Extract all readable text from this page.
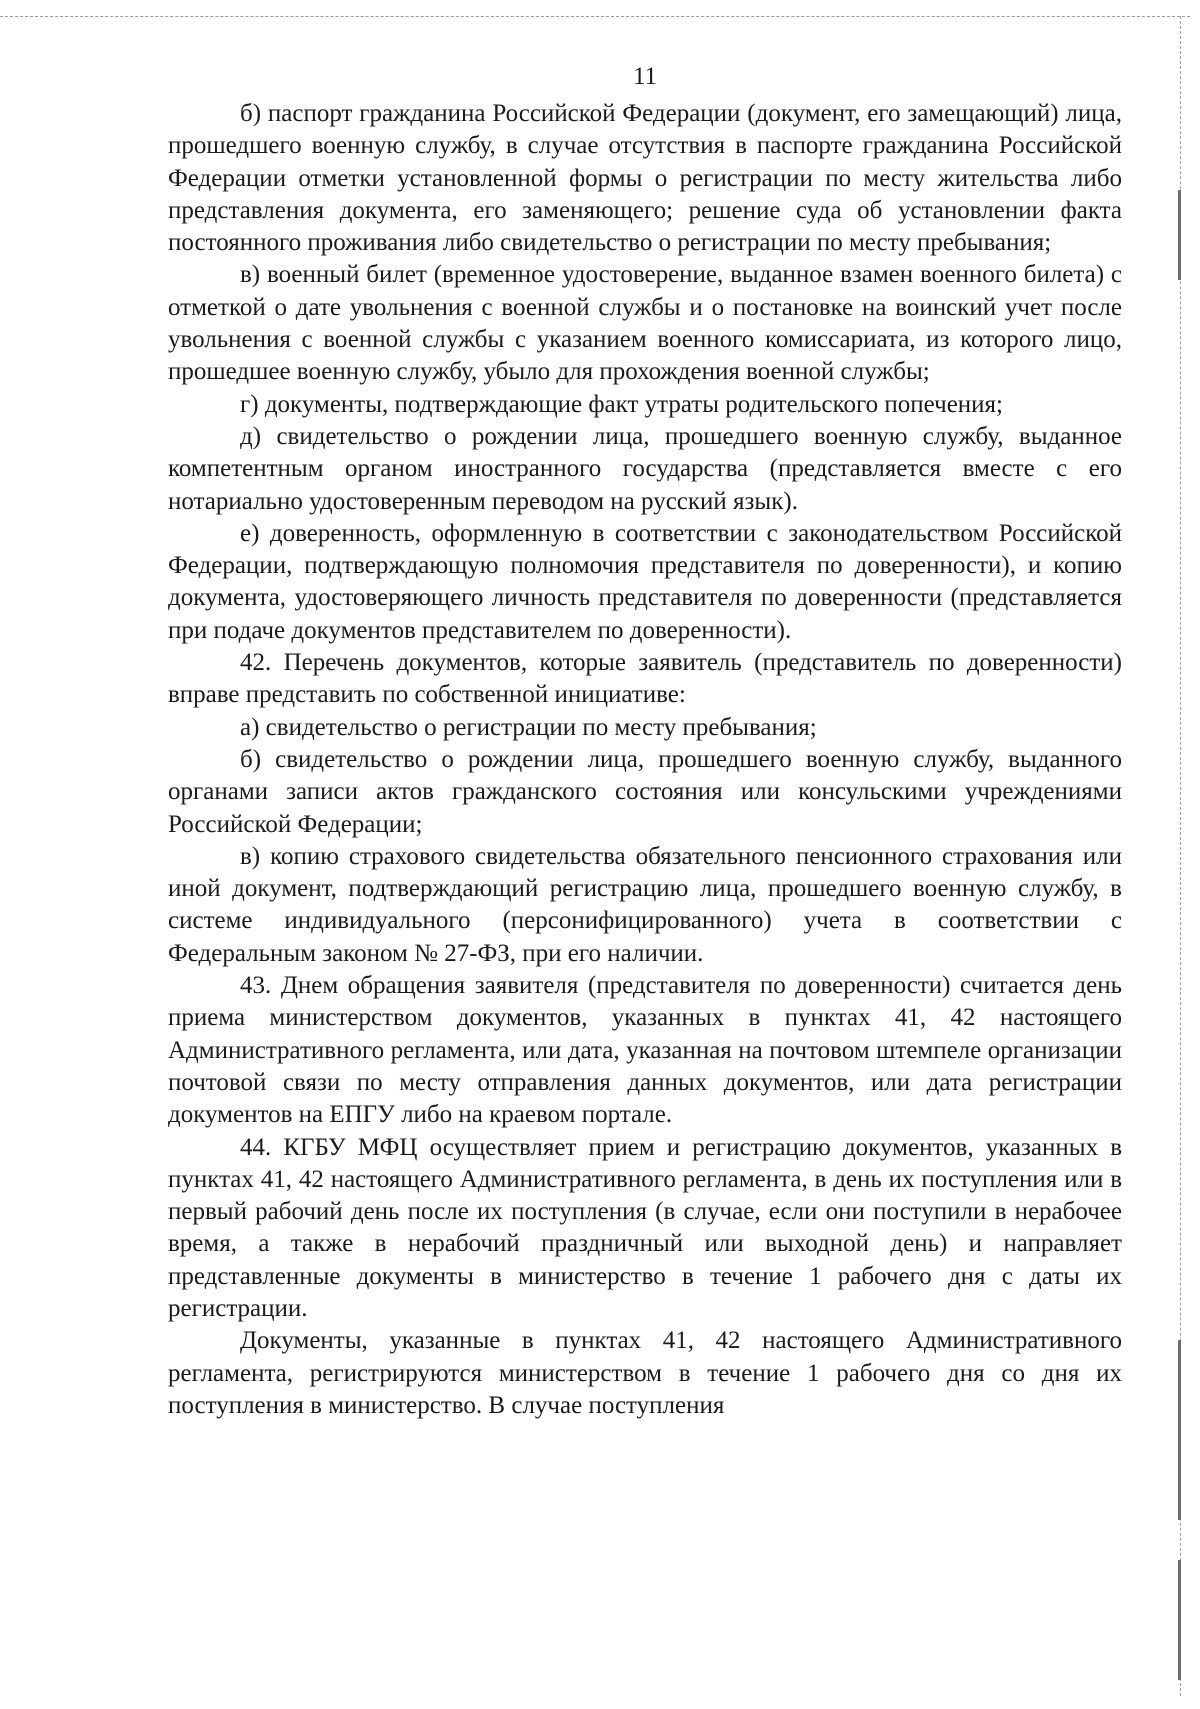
11

б) паспорт гражданина Российской Федерации (документ, его замещающий) лица, прошедшего военную службу, в случае отсутствия в паспорте гражданина Российской Федерации отметки установленной формы о регистрации по месту жительства либо представления документа, его заменяющего; решение суда об установлении факта постоянного проживания либо свидетельство о регистрации по месту пребывания;

в) военный билет (временное удостоверение, выданное взамен военного билета) с отметкой о дате увольнения с военной службы и о постановке на воинский учет после увольнения с военной службы с указанием военного комиссариата, из которого лицо, прошедшее военную службу, убыло для прохождения военной службы;

г) документы, подтверждающие факт утраты родительского попечения;

д) свидетельство о рождении лица, прошедшего военную службу, выданное компетентным органом иностранного государства (представляется вместе с его нотариально удостоверенным переводом на русский язык).

е) доверенность, оформленную в соответствии с законодательством Российской Федерации, подтверждающую полномочия представителя по доверенности), и копию документа, удостоверяющего личность представителя по доверенности (представляется при подаче документов представителем по доверенности).

42. Перечень документов, которые заявитель (представитель по доверенности) вправе представить по собственной инициативе:

а) свидетельство о регистрации по месту пребывания;

б) свидетельство о рождении лица, прошедшего военную службу, выданного органами записи актов гражданского состояния или консульскими учреждениями Российской Федерации;

в) копию страхового свидетельства обязательного пенсионного страхования или иной документ, подтверждающий регистрацию лица, прошедшего военную службу, в системе индивидуального (персонифицированного) учета в соответствии с Федеральным законом № 27-ФЗ, при его наличии.

43. Днем обращения заявителя (представителя по доверенности) считается день приема министерством документов, указанных в пунктах 41, 42 настоящего Административного регламента, или дата, указанная на почтовом штемпеле организации почтовой связи по месту отправления данных документов, или дата регистрации документов на ЕПГУ либо на краевом портале.

44. КГБУ МФЦ осуществляет прием и регистрацию документов, указанных в пунктах 41, 42 настоящего Административного регламента, в день их поступления или в первый рабочий день после их поступления (в случае, если они поступили в нерабочее время, а также в нерабочий праздничный или выходной день) и направляет представленные документы в министерство в течение 1 рабочего дня с даты их регистрации.

Документы, указанные в пунктах 41, 42 настоящего Административного регламента, регистрируются министерством в течение 1 рабочего дня со дня их поступления в министерство. В случае поступления
